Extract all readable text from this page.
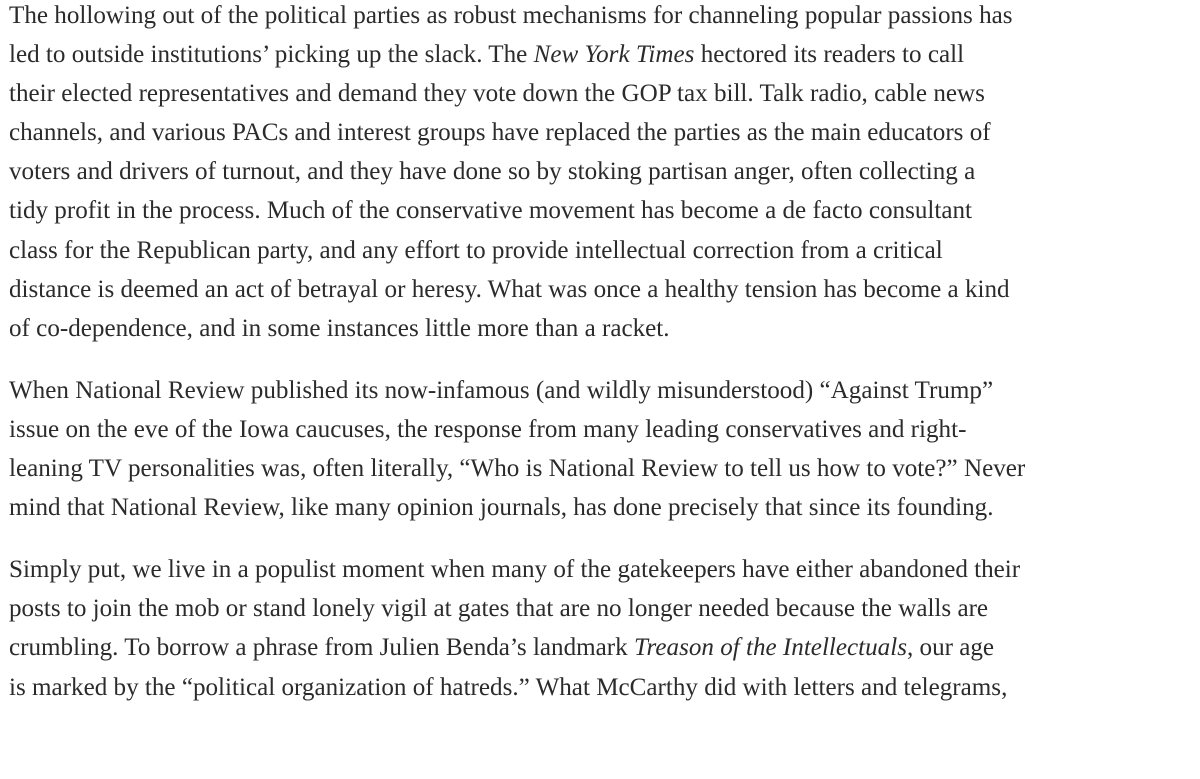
The hollowing out of the political parties as robust mechanisms for channeling popular passions has
led to outside institutions’ picking up the slack. The New York Times hectored its readers to call
their elected representatives and demand they vote down the GOP tax bill. Talk radio, cable news
channels, and various PACs and interest groups have replaced the parties as the main educators of
voters and drivers of turnout, and they have done so by stoking partisan anger, often collecting a
tidy profit in the process. Much of the conservative movement has become a de facto consultant
class for the Republican party, and any effort to provide intellectual correction from a critical
distance is deemed an act of betrayal or heresy. What was once a healthy tension has become a kind
of co-dependence, and in some instances little more than a racket.

When National Review published its now-infamous (and wildly misunderstood) “Against Trump”
issue on the eve of the Iowa caucuses, the response from many leading conservatives and right-
leaning TV personalities was, often literally, “Who is National Review to tell us how to vote?” Never
mind that National Review, like many opinion journals, has done precisely that since its founding.

Simply put, we live in a populist moment when many of the gatekeepers have either abandoned their
posts to join the mob or stand lonely vigil at gates that are no longer needed because the walls are
crumbling. To borrow a phrase from Julien Benda’s landmark Treason of the Intellectuals, our age
is marked by the “political organization of hatreds.” What McCarthy did with letters and telegrams,
